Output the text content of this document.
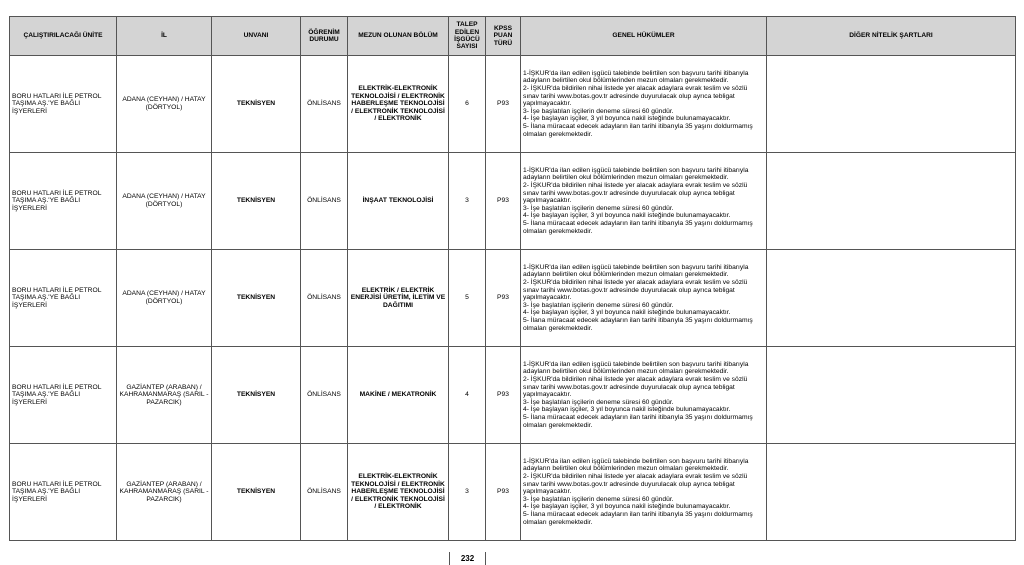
ÇALIŞTIRILACAĞI ÜNİTE	İL	UNVANI	ÖĞRENİM DURUMU	MEZUN OLUNAN BÖLÜM	TALEP EDİLEN İŞGÜCÜ SAYISI	KPSS PUAN TÜRÜ	GENEL HÜKÜMLER	DİĞER NİTELİK ŞARTLARI
BORU HATLARI İLE PETROL TAŞIMA AŞ.'YE BAĞLI İŞYERLERİ	ADANA (CEYHAN) / HATAY (DÖRTYOL)	TEKNİSYEN	ÖNLİSANS	ELEKTRİK-ELEKTRONİK TEKNOLOJİSİ / ELEKTRONİK HABERLEŞME TEKNOLOJİSİ / ELEKTRONİK TEKNOLOJİSİ / ELEKTRONİK	6	P93	1-İŞKUR'da ilan edilen işgücü talebinde belirtilen son başvuru tarihi itibarıyla adayların belirtilen okul bölümlerinden mezun olmaları gerekmektedir.
2- İŞKUR'da bildirilen nihai listede yer alacak adaylara evrak teslim ve sözlü sınav tarihi www.botas.gov.tr adresinde duyurulacak olup ayrıca tebligat yapılmayacaktır.
3- İşe başlatılan işçilerin deneme süresi 60 gündür.
4- İşe başlayan işçiler, 3 yıl boyunca nakil isteğinde bulunamayacaktır.
5- İlana müracaat edecek adayların ilan tarihi itibarıyla 35 yaşını doldurmamış olmaları gerekmektedir.	

BORU HATLARI İLE PETROL TAŞIMA AŞ.'YE BAĞLI İŞYERLERİ	ADANA (CEYHAN) / HATAY (DÖRTYOL)	TEKNİSYEN	ÖNLİSANS	İNŞAAT TEKNOLOJİSİ	3	P93	1-İŞKUR'da ilan edilen işgücü talebinde belirtilen son başvuru tarihi itibarıyla adayların belirtilen okul bölümlerinden mezun olmaları gerekmektedir.
2- İŞKUR'da bildirilen nihai listede yer alacak adaylara evrak teslim ve sözlü sınav tarihi www.botas.gov.tr adresinde duyurulacak olup ayrıca tebligat yapılmayacaktır.
3- İşe başlatılan işçilerin deneme süresi 60 gündür.
4- İşe başlayan işçiler, 3 yıl boyunca nakil isteğinde bulunamayacaktır.
5- İlana müracaat edecek adayların ilan tarihi itibarıyla 35 yaşını doldurmamış olmaları gerekmektedir.	

BORU HATLARI İLE PETROL TAŞIMA AŞ.'YE BAĞLI İŞYERLERİ	ADANA (CEYHAN) / HATAY (DÖRTYOL)	TEKNİSYEN	ÖNLİSANS	ELEKTRİK / ELEKTRİK ENERJİSİ ÜRETİM, İLETİM VE DAĞITIMI	5	P93	1-İŞKUR'da ilan edilen işgücü talebinde belirtilen son başvuru tarihi itibarıyla adayların belirtilen okul bölümlerinden mezun olmaları gerekmektedir.
2- İŞKUR'da bildirilen nihai listede yer alacak adaylara evrak teslim ve sözlü sınav tarihi www.botas.gov.tr adresinde duyurulacak olup ayrıca tebligat yapılmayacaktır.
3- İşe başlatılan işçilerin deneme süresi 60 gündür.
4- İşe başlayan işçiler, 3 yıl boyunca nakil isteğinde bulunamayacaktır.
5- İlana müracaat edecek adayların ilan tarihi itibarıyla 35 yaşını doldurmamış olmaları gerekmektedir.	

BORU HATLARI İLE PETROL TAŞIMA AŞ.'YE BAĞLI İŞYERLERİ	GAZİANTEP (ARABAN) / KAHRAMANMARAŞ (SARIL - PAZARCIK)	TEKNİSYEN	ÖNLİSANS	MAKİNE / MEKATRONİK	4	P93	1-İŞKUR'da ilan edilen işgücü talebinde belirtilen son başvuru tarihi itibarıyla adayların belirtilen okul bölümlerinden mezun olmaları gerekmektedir.
2- İŞKUR'da bildirilen nihai listede yer alacak adaylara evrak teslim ve sözlü sınav tarihi www.botas.gov.tr adresinde duyurulacak olup ayrıca tebligat yapılmayacaktır.
3- İşe başlatılan işçilerin deneme süresi 60 gündür.
4- İşe başlayan işçiler, 3 yıl boyunca nakil isteğinde bulunamayacaktır.
5- İlana müracaat edecek adayların ilan tarihi itibarıyla 35 yaşını doldurmamış olmaları gerekmektedir.	

BORU HATLARI İLE PETROL TAŞIMA AŞ.'YE BAĞLI İŞYERLERİ	GAZİANTEP (ARABAN) / KAHRAMANMARAŞ (SARIL - PAZARCIK)	TEKNİSYEN	ÖNLİSANS	ELEKTRİK-ELEKTRONİK TEKNOLOJİSİ / ELEKTRONİK HABERLEŞME TEKNOLOJİSİ / ELEKTRONİK TEKNOLOJİSİ / ELEKTRONİK	3	P93	1-İŞKUR'da ilan edilen işgücü talebinde belirtilen son başvuru tarihi itibarıyla adayların belirtilen okul bölümlerinden mezun olmaları gerekmektedir.
2- İŞKUR'da bildirilen nihai listede yer alacak adaylara evrak teslim ve sözlü sınav tarihi www.botas.gov.tr adresinde duyurulacak olup ayrıca tebligat yapılmayacaktır.
3- İşe başlatılan işçilerin deneme süresi 60 gündür.
4- İşe başlayan işçiler, 3 yıl boyunca nakil isteğinde bulunamayacaktır.
5- İlana müracaat edecek adayların ilan tarihi itibarıyla 35 yaşını doldurmamış olmaları gerekmektedir.	

232
